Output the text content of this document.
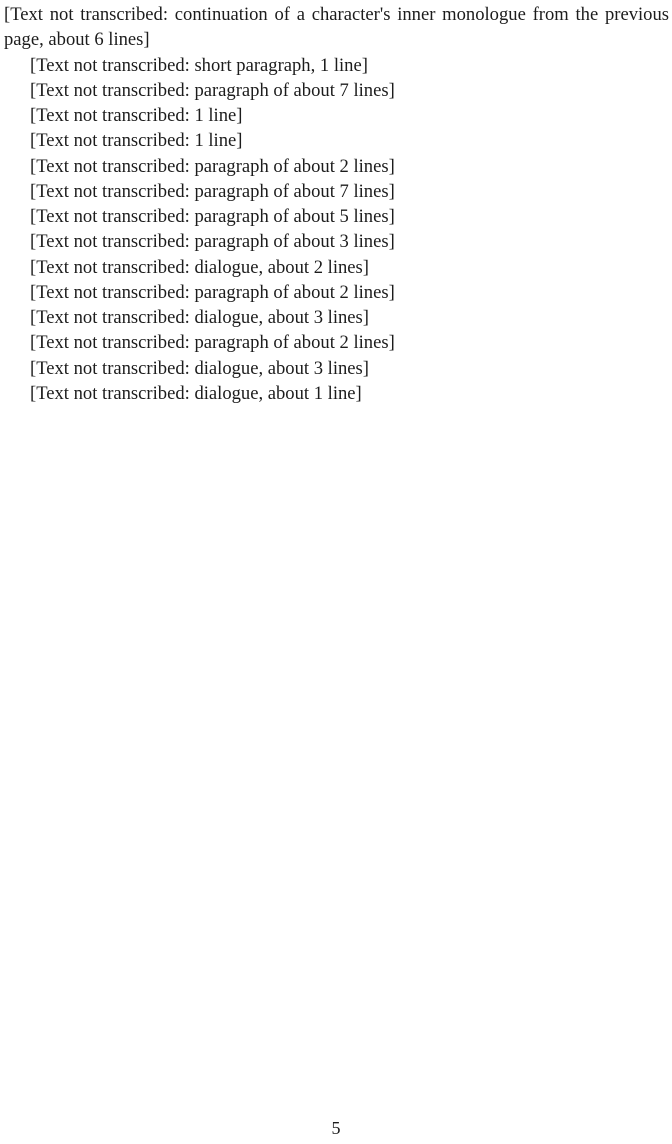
[Text not transcribed: continuation of a character's inner monologue from the previous page, about 6 lines]

[Text not transcribed: short paragraph, 1 line]

[Text not transcribed: paragraph of about 7 lines]

[Text not transcribed: 1 line]

[Text not transcribed: 1 line]

[Text not transcribed: paragraph of about 2 lines]

[Text not transcribed: paragraph of about 7 lines]

[Text not transcribed: paragraph of about 5 lines]

[Text not transcribed: paragraph of about 3 lines]

[Text not transcribed: dialogue, about 2 lines]

[Text not transcribed: paragraph of about 2 lines]

[Text not transcribed: dialogue, about 3 lines]

[Text not transcribed: paragraph of about 2 lines]

[Text not transcribed: dialogue, about 3 lines]

[Text not transcribed: dialogue, about 1 line]

5
